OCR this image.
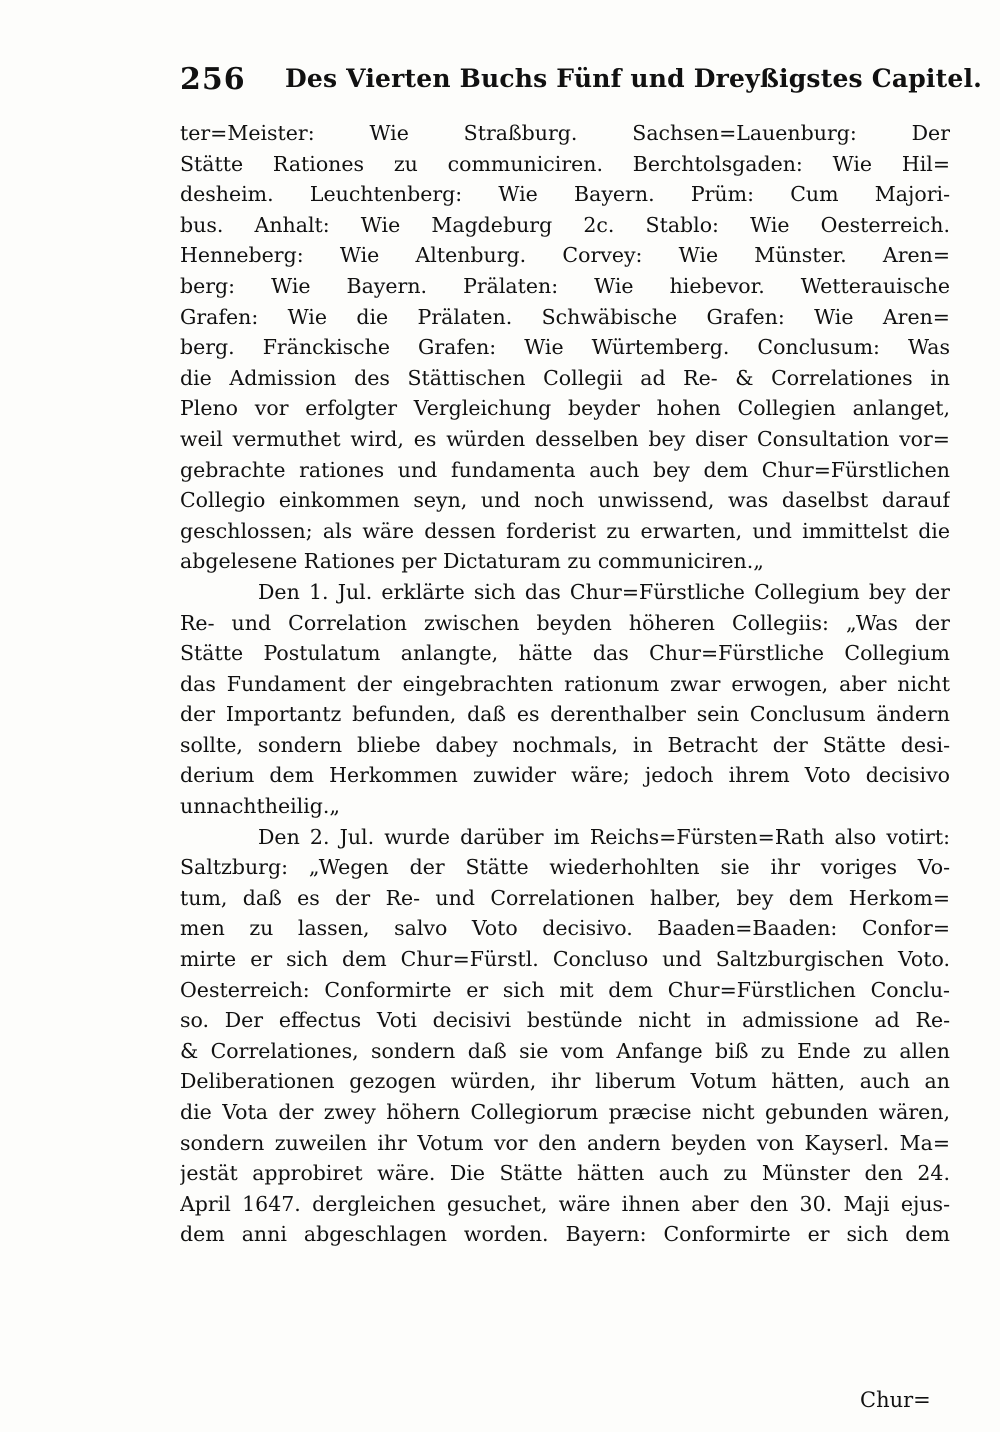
256 Des Vierten Buchs Fünf und Dreyßigstes Capitel.
ter=Meister: Wie Straßburg. Sachsen=Lauenburg: Der
Stätte Rationes zu communiciren. Berchtolsgaden: Wie Hil=
desheim. Leuchtenberg: Wie Bayern. Prüm: Cum Majori-
bus. Anhalt: Wie Magdeburg 2c. Stablo: Wie Oesterreich.
Henneberg: Wie Altenburg. Corvey: Wie Münster. Aren=
berg: Wie Bayern. Prälaten: Wie hiebevor. Wetterauische
Grafen: Wie die Prälaten. Schwäbische Grafen: Wie Aren=
berg. Fränckische Grafen: Wie Würtemberg. Conclusum: Was
die Admission des Stättischen Collegii ad Re- & Correlationes in
Pleno vor erfolgter Vergleichung beyder hohen Collegien anlanget,
weil vermuthet wird, es würden desselben bey diser Consultation vor=
gebrachte rationes und fundamenta auch bey dem Chur=Fürstlichen
Collegio einkommen seyn, und noch unwissend, was daselbst darauf
geschlossen; als wäre dessen forderist zu erwarten, und immittelst die
abgelesene Rationes per Dictaturam zu communiciren.„
Den 1. Jul. erklärte sich das Chur=Fürstliche Collegium bey der
Re- und Correlation zwischen beyden höheren Collegiis: „Was der
Stätte Postulatum anlangte, hätte das Chur=Fürstliche Collegium
das Fundament der eingebrachten rationum zwar erwogen, aber nicht
der Importantz befunden, daß es derenthalber sein Conclusum ändern
sollte, sondern bliebe dabey nochmals, in Betracht der Stätte desi-
derium dem Herkommen zuwider wäre; jedoch ihrem Voto decisivo
unnachtheilig.„
Den 2. Jul. wurde darüber im Reichs=Fürsten=Rath also votirt:
Saltzburg: „Wegen der Stätte wiederhohlten sie ihr voriges Vo-
tum, daß es der Re- und Correlationen halber, bey dem Herkom=
men zu lassen, salvo Voto decisivo. Baaden=Baaden: Confor=
mirte er sich dem Chur=Fürstl. Concluso und Saltzburgischen Voto.
Oesterreich: Conformirte er sich mit dem Chur=Fürstlichen Conclu-
so. Der effectus Voti decisivi bestünde nicht in admissione ad Re-
& Correlationes, sondern daß sie vom Anfange biß zu Ende zu allen
Deliberationen gezogen würden, ihr liberum Votum hätten, auch an
die Vota der zwey höhern Collegiorum præcise nicht gebunden wären,
sondern zuweilen ihr Votum vor den andern beyden von Kayserl. Ma=
jestät approbiret wäre. Die Stätte hätten auch zu Münster den 24.
April 1647. dergleichen gesuchet, wäre ihnen aber den 30. Maji ejus-
dem anni abgeschlagen worden. Bayern: Conformirte er sich dem
Chur=
